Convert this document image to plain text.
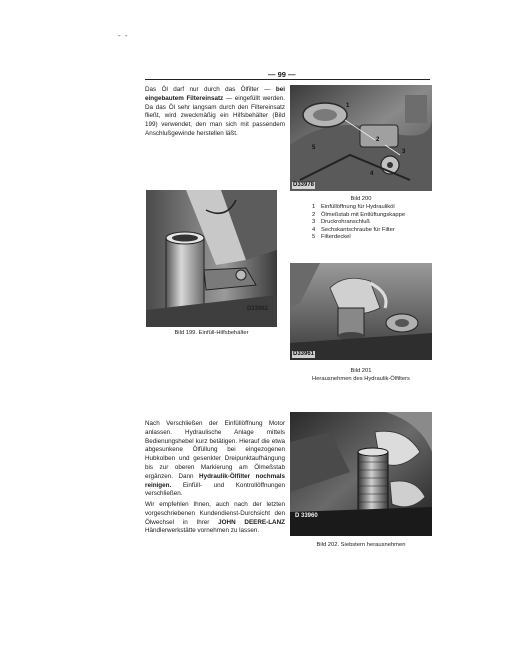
- -
— 99 —

Das Öl darf nur durch das Ölfilter — bei eingebautem Filtereinsatz — eingefüllt werden. Da das Öl sehr langsam durch den Filtereinsatz fließt, wird zweckmäßig ein Hilfsbehälter (Bild 199) verwendet, den man sich mit passendem Anschlußgewinde herstellen läßt.

Nach Verschließen der Einfüllöffnung Motor anlassen. Hydraulische Anlage mittels Bedienungshebel kurz betätigen. Hierauf die etwa abgesunkene Ölfüllung bei eingezogenen Hubkolben und gesenkter Dreipunktaufhängung bis zur oberen Markierung am Ölmeßstab ergänzen. Dann Hydraulik-Ölfilter nochmals reinigen. Einfüll- und Kontrollöffnungen verschließen.

Wir empfehlen Ihnen, auch nach der letzten vorgeschriebenen Kundendienst-Durchsicht den Ölwechsel in Ihrer JOHN DEERE-LANZ Händlerwerkstätte vornehmen zu lassen.

1
2
3
4
5
D33978
Bild 200
1 Einfüllöffnung für Hydrauliköl
2 Ölmeßstab mit Entlüftungskappe
3 Druckrohranschluß
4 Sechskantschraube für Filter
5 Filterdeckel
D33962
Bild 199. Einfüll-Hilfsbehälter
D33961
Bild 201
Herausnehmen des Hydraulik-Ölfilters
D 33960
Bild 202. Siebstern herausnehmen
